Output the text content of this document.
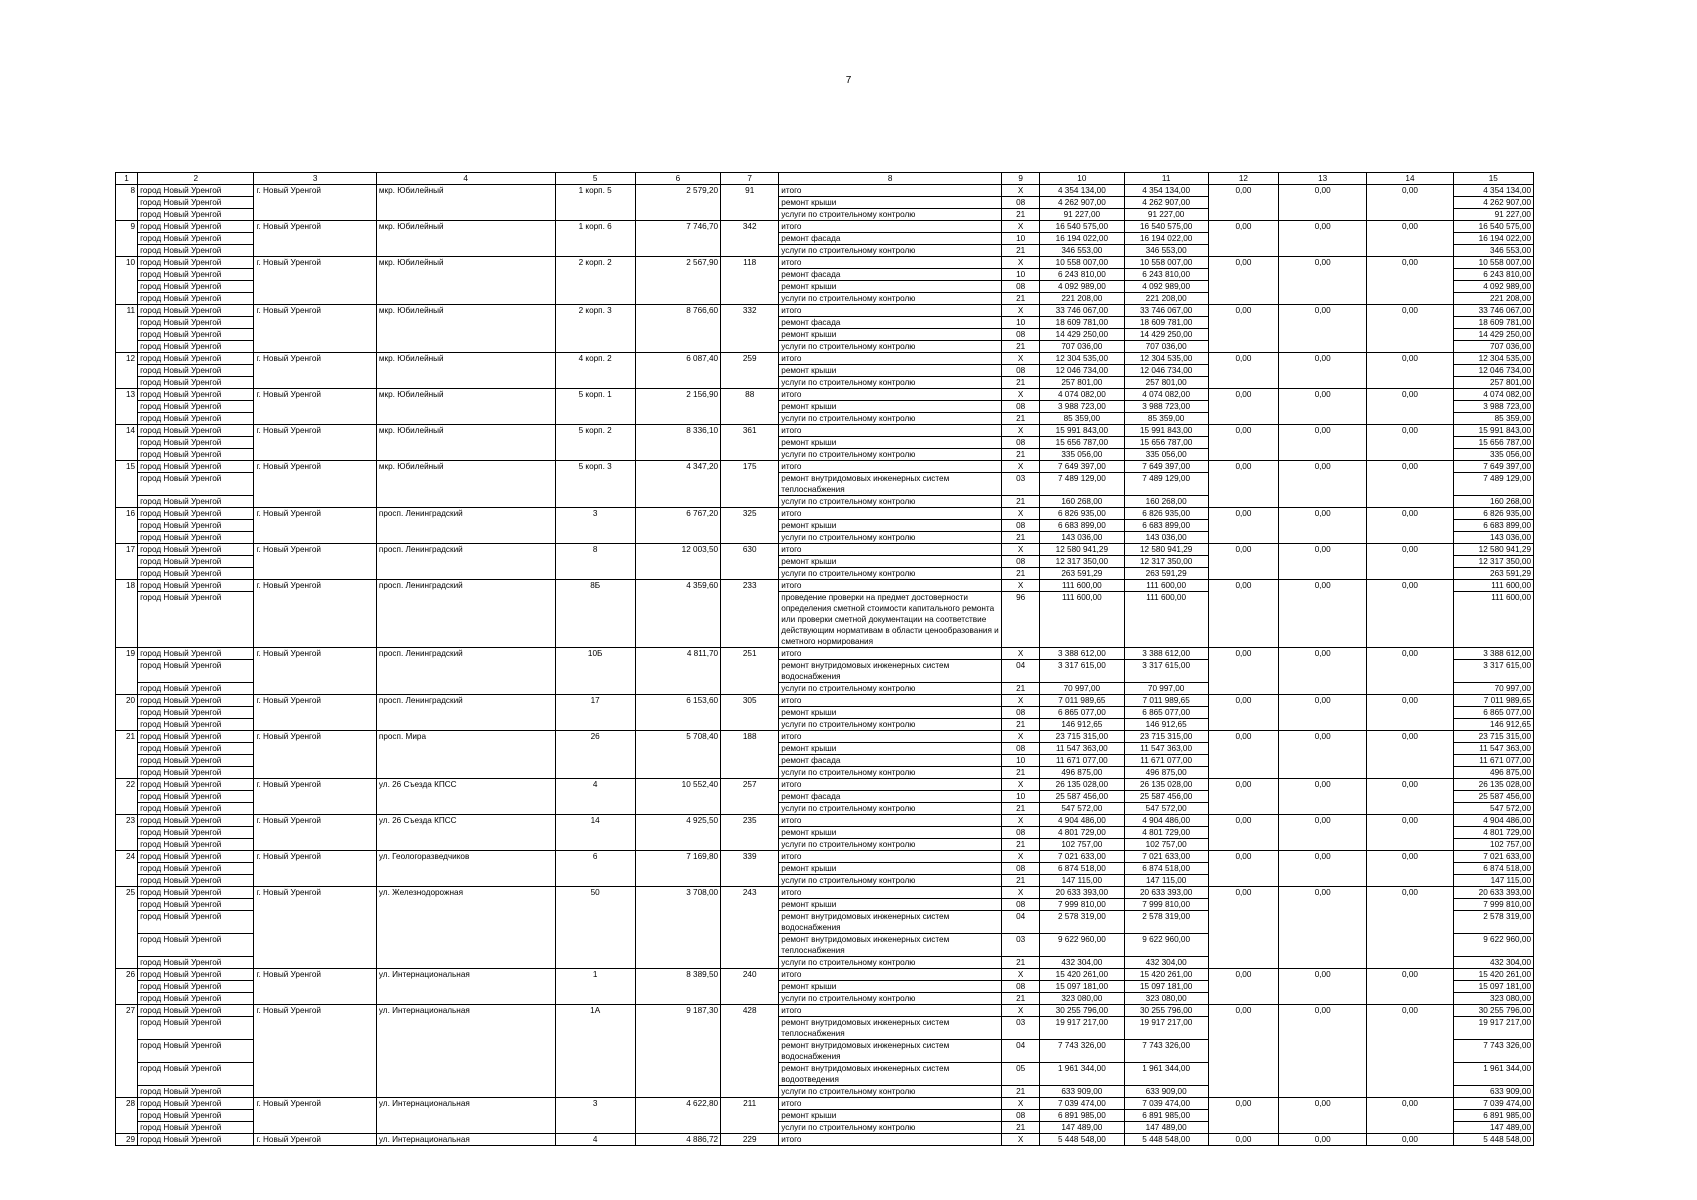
7
1	2	3	4	5	6	7	8	9	10	11	12	13	14	15
8	город Новый Уренгой	г. Новый Уренгой	мкр. Юбилейный	1 корп. 5	2 579,20	91	итого	X	4 354 134,00	4 354 134,00	0,00	0,00	0,00	4 354 134,00
	город Новый Уренгой						ремонт крыши	08	4 262 907,00	4 262 907,00				4 262 907,00
	город Новый Уренгой						услуги по строительному контролю	21	91 227,00	91 227,00				91 227,00
9	город Новый Уренгой	г. Новый Уренгой	мкр. Юбилейный	1 корп. 6	7 746,70	342	итого	X	16 540 575,00	16 540 575,00	0,00	0,00	0,00	16 540 575,00
	город Новый Уренгой						ремонт фасада	10	16 194 022,00	16 194 022,00				16 194 022,00
	город Новый Уренгой						услуги по строительному контролю	21	346 553,00	346 553,00				346 553,00
10	город Новый Уренгой	г. Новый Уренгой	мкр. Юбилейный	2 корп. 2	2 567,90	118	итого	X	10 558 007,00	10 558 007,00	0,00	0,00	0,00	10 558 007,00
	город Новый Уренгой						ремонт фасада	10	6 243 810,00	6 243 810,00				6 243 810,00
	город Новый Уренгой						ремонт крыши	08	4 092 989,00	4 092 989,00				4 092 989,00
	город Новый Уренгой						услуги по строительному контролю	21	221 208,00	221 208,00				221 208,00
11	город Новый Уренгой	г. Новый Уренгой	мкр. Юбилейный	2 корп. 3	8 766,60	332	итого	X	33 746 067,00	33 746 067,00	0,00	0,00	0,00	33 746 067,00
	город Новый Уренгой						ремонт фасада	10	18 609 781,00	18 609 781,00				18 609 781,00
	город Новый Уренгой						ремонт крыши	08	14 429 250,00	14 429 250,00				14 429 250,00
	город Новый Уренгой						услуги по строительному контролю	21	707 036,00	707 036,00				707 036,00
12	город Новый Уренгой	г. Новый Уренгой	мкр. Юбилейный	4 корп. 2	6 087,40	259	итого	X	12 304 535,00	12 304 535,00	0,00	0,00	0,00	12 304 535,00
	город Новый Уренгой						ремонт крыши	08	12 046 734,00	12 046 734,00				12 046 734,00
	город Новый Уренгой						услуги по строительному контролю	21	257 801,00	257 801,00				257 801,00
13	город Новый Уренгой	г. Новый Уренгой	мкр. Юбилейный	5 корп. 1	2 156,90	88	итого	X	4 074 082,00	4 074 082,00	0,00	0,00	0,00	4 074 082,00
	город Новый Уренгой						ремонт крыши	08	3 988 723,00	3 988 723,00				3 988 723,00
	город Новый Уренгой						услуги по строительному контролю	21	85 359,00	85 359,00				85 359,00
14	город Новый Уренгой	г. Новый Уренгой	мкр. Юбилейный	5 корп. 2	8 336,10	361	итого	X	15 991 843,00	15 991 843,00	0,00	0,00	0,00	15 991 843,00
	город Новый Уренгой						ремонт крыши	08	15 656 787,00	15 656 787,00				15 656 787,00
	город Новый Уренгой						услуги по строительному контролю	21	335 056,00	335 056,00				335 056,00
15	город Новый Уренгой	г. Новый Уренгой	мкр. Юбилейный	5 корп. 3	4 347,20	175	итого	X	7 649 397,00	7 649 397,00	0,00	0,00	0,00	7 649 397,00
	город Новый Уренгой						ремонт внутридомовых инженерных систем теплоснабжения	03	7 489 129,00	7 489 129,00				7 489 129,00
	город Новый Уренгой						услуги по строительному контролю	21	160 268,00	160 268,00				160 268,00
16	город Новый Уренгой	г. Новый Уренгой	просп. Ленинградский	3	6 767,20	325	итого	X	6 826 935,00	6 826 935,00	0,00	0,00	0,00	6 826 935,00
	город Новый Уренгой						ремонт крыши	08	6 683 899,00	6 683 899,00				6 683 899,00
	город Новый Уренгой						услуги по строительному контролю	21	143 036,00	143 036,00				143 036,00
17	город Новый Уренгой	г. Новый Уренгой	просп. Ленинградский	8	12 003,50	630	итого	X	12 580 941,29	12 580 941,29	0,00	0,00	0,00	12 580 941,29
	город Новый Уренгой						ремонт крыши	08	12 317 350,00	12 317 350,00				12 317 350,00
	город Новый Уренгой						услуги по строительному контролю	21	263 591,29	263 591,29				263 591,29
18	город Новый Уренгой	г. Новый Уренгой	просп. Ленинградский	8Б	4 359,60	233	итого	X	111 600,00	111 600,00	0,00	0,00	0,00	111 600,00
	город Новый Уренгой						проведение проверки на предмет достоверности определения сметной стоимости капитального ремонта или проверки сметной документации на соответствие действующим нормативам в области ценообразования и сметного нормирования	96	111 600,00	111 600,00				111 600,00
19	город Новый Уренгой	г. Новый Уренгой	просп. Ленинградский	10Б	4 811,70	251	итого	X	3 388 612,00	3 388 612,00	0,00	0,00	0,00	3 388 612,00
	город Новый Уренгой						ремонт внутридомовых инженерных систем водоснабжения	04	3 317 615,00	3 317 615,00				3 317 615,00
	город Новый Уренгой						услуги по строительному контролю	21	70 997,00	70 997,00				70 997,00
20	город Новый Уренгой	г. Новый Уренгой	просп. Ленинградский	17	6 153,60	305	итого	X	7 011 989,65	7 011 989,65	0,00	0,00	0,00	7 011 989,65
	город Новый Уренгой						ремонт крыши	08	6 865 077,00	6 865 077,00				6 865 077,00
	город Новый Уренгой						услуги по строительному контролю	21	146 912,65	146 912,65				146 912,65
21	город Новый Уренгой	г. Новый Уренгой	просп. Мира	26	5 708,40	188	итого	X	23 715 315,00	23 715 315,00	0,00	0,00	0,00	23 715 315,00
	город Новый Уренгой						ремонт крыши	08	11 547 363,00	11 547 363,00				11 547 363,00
	город Новый Уренгой						ремонт фасада	10	11 671 077,00	11 671 077,00				11 671 077,00
	город Новый Уренгой						услуги по строительному контролю	21	496 875,00	496 875,00				496 875,00
22	город Новый Уренгой	г. Новый Уренгой	ул. 26 Съезда КПСС	4	10 552,40	257	итого	X	26 135 028,00	26 135 028,00	0,00	0,00	0,00	26 135 028,00
	город Новый Уренгой						ремонт фасада	10	25 587 456,00	25 587 456,00				25 587 456,00
	город Новый Уренгой						услуги по строительному контролю	21	547 572,00	547 572,00				547 572,00
23	город Новый Уренгой	г. Новый Уренгой	ул. 26 Съезда КПСС	14	4 925,50	235	итого	X	4 904 486,00	4 904 486,00	0,00	0,00	0,00	4 904 486,00
	город Новый Уренгой						ремонт крыши	08	4 801 729,00	4 801 729,00				4 801 729,00
	город Новый Уренгой						услуги по строительному контролю	21	102 757,00	102 757,00				102 757,00
24	город Новый Уренгой	г. Новый Уренгой	ул. Геологоразведчиков	6	7 169,80	339	итого	X	7 021 633,00	7 021 633,00	0,00	0,00	0,00	7 021 633,00
	город Новый Уренгой						ремонт крыши	08	6 874 518,00	6 874 518,00				6 874 518,00
	город Новый Уренгой						услуги по строительному контролю	21	147 115,00	147 115,00				147 115,00
25	город Новый Уренгой	г. Новый Уренгой	ул. Железнодорожная	50	3 708,00	243	итого	X	20 633 393,00	20 633 393,00	0,00	0,00	0,00	20 633 393,00
	город Новый Уренгой						ремонт крыши	08	7 999 810,00	7 999 810,00				7 999 810,00
	город Новый Уренгой						ремонт внутридомовых инженерных систем водоснабжения	04	2 578 319,00	2 578 319,00				2 578 319,00
	город Новый Уренгой						ремонт внутридомовых инженерных систем теплоснабжения	03	9 622 960,00	9 622 960,00				9 622 960,00
	город Новый Уренгой						услуги по строительному контролю	21	432 304,00	432 304,00				432 304,00
26	город Новый Уренгой	г. Новый Уренгой	ул. Интернациональная	1	8 389,50	240	итого	X	15 420 261,00	15 420 261,00	0,00	0,00	0,00	15 420 261,00
	город Новый Уренгой						ремонт крыши	08	15 097 181,00	15 097 181,00				15 097 181,00
	город Новый Уренгой						услуги по строительному контролю	21	323 080,00	323 080,00				323 080,00
27	город Новый Уренгой	г. Новый Уренгой	ул. Интернациональная	1А	9 187,30	428	итого	X	30 255 796,00	30 255 796,00	0,00	0,00	0,00	30 255 796,00
	город Новый Уренгой						ремонт внутридомовых инженерных систем теплоснабжения	03	19 917 217,00	19 917 217,00				19 917 217,00
	город Новый Уренгой						ремонт внутридомовых инженерных систем водоснабжения	04	7 743 326,00	7 743 326,00				7 743 326,00
	город Новый Уренгой						ремонт внутридомовых инженерных систем водоотведения	05	1 961 344,00	1 961 344,00				1 961 344,00
	город Новый Уренгой						услуги по строительному контролю	21	633 909,00	633 909,00				633 909,00
28	город Новый Уренгой	г. Новый Уренгой	ул. Интернациональная	3	4 622,80	211	итого	X	7 039 474,00	7 039 474,00	0,00	0,00	0,00	7 039 474,00
	город Новый Уренгой						ремонт крыши	08	6 891 985,00	6 891 985,00				6 891 985,00
	город Новый Уренгой						услуги по строительному контролю	21	147 489,00	147 489,00				147 489,00
29	город Новый Уренгой	г. Новый Уренгой	ул. Интернациональная	4	4 886,72	229	итого	X	5 448 548,00	5 448 548,00	0,00	0,00	0,00	5 448 548,00
